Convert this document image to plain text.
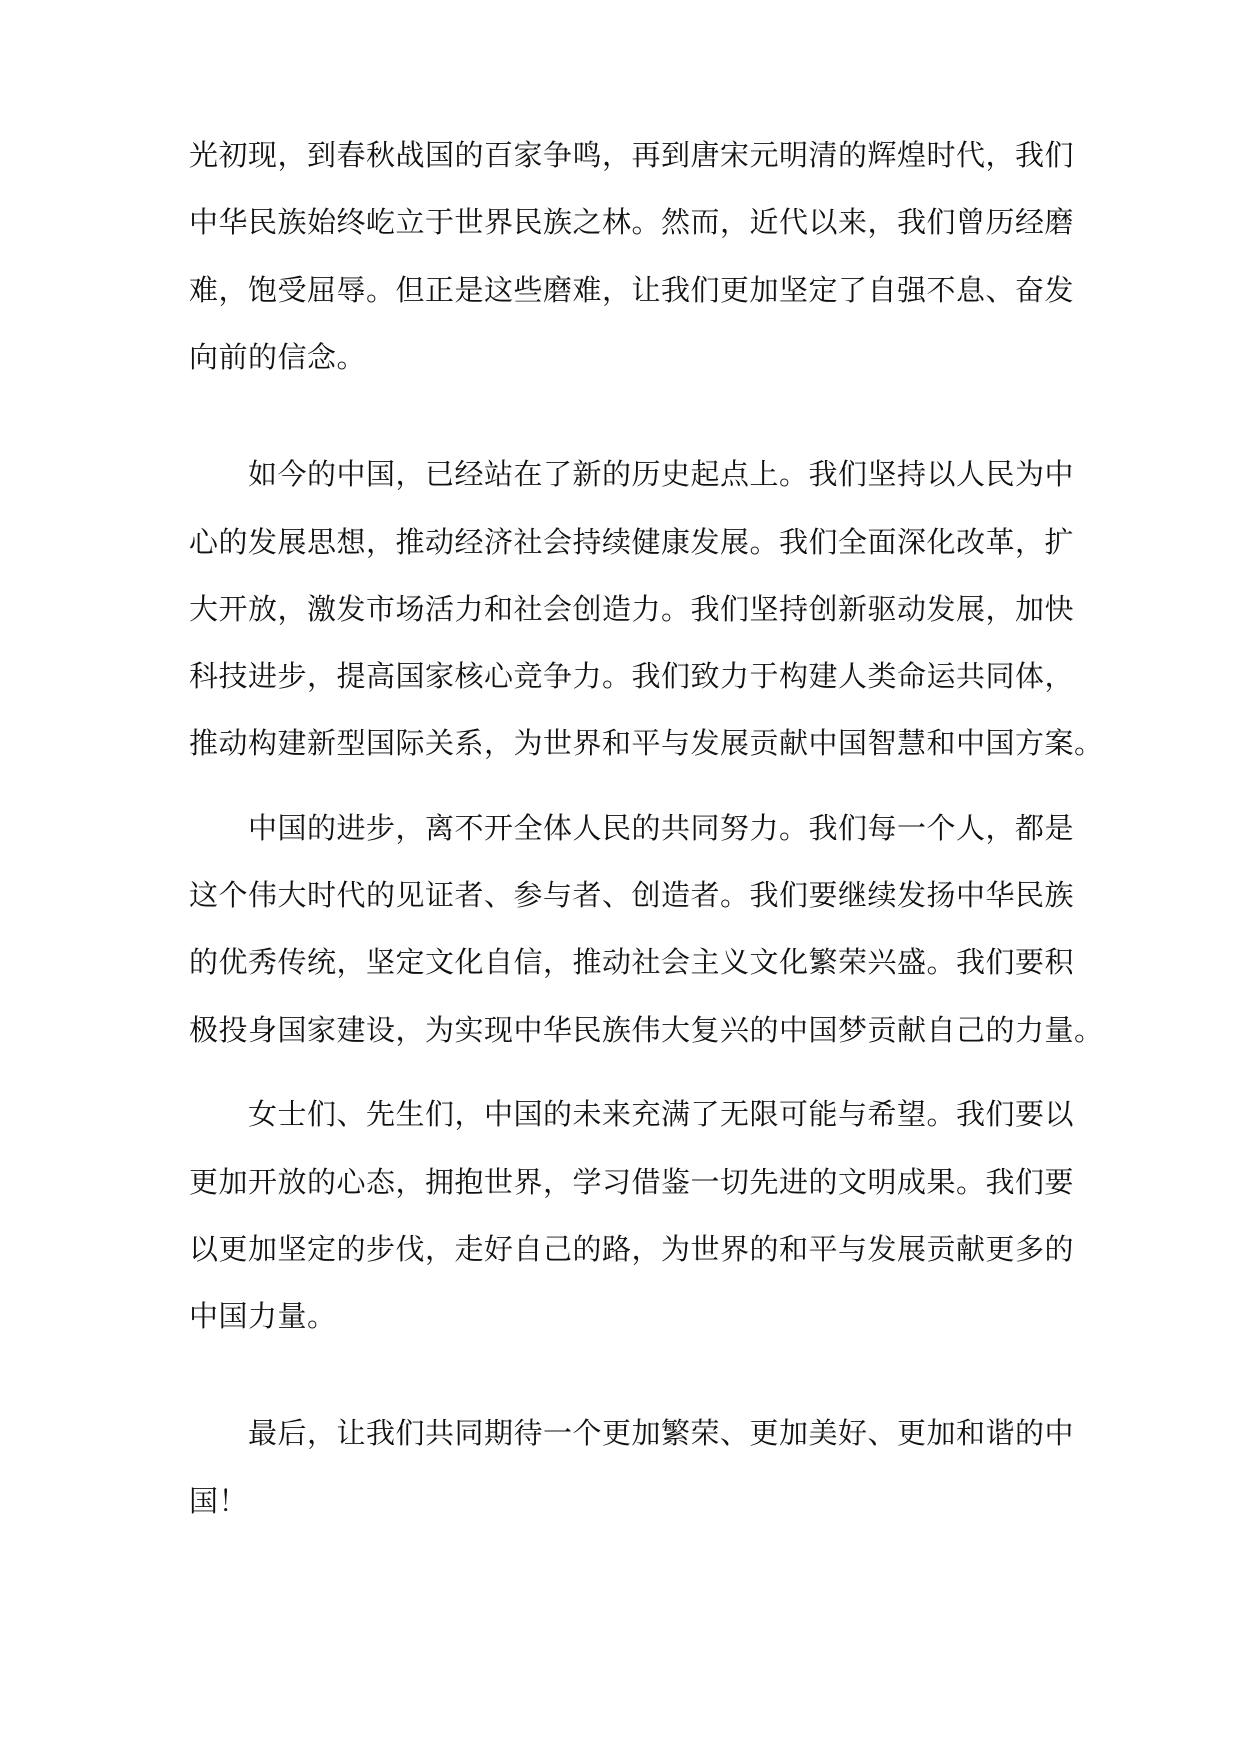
光初现，到春秋战国的百家争鸣，再到唐宋元明清的辉煌时代，我们
中华民族始终屹立于世界民族之林。然而，近代以来，我们曾历经磨
难，饱受屈辱。但正是这些磨难，让我们更加坚定了自强不息、奋发
向前的信念。
如今的中国，已经站在了新的历史起点上。我们坚持以人民为中
心的发展思想，推动经济社会持续健康发展。我们全面深化改革，扩
大开放，激发市场活力和社会创造力。我们坚持创新驱动发展，加快
科技进步，提高国家核心竞争力。我们致力于构建人类命运共同体，
推动构建新型国际关系，为世界和平与发展贡献中国智慧和中国方案。
中国的进步，离不开全体人民的共同努力。我们每一个人，都是
这个伟大时代的见证者、参与者、创造者。我们要继续发扬中华民族
的优秀传统，坚定文化自信，推动社会主义文化繁荣兴盛。我们要积
极投身国家建设，为实现中华民族伟大复兴的中国梦贡献自己的力量。
女士们、先生们，中国的未来充满了无限可能与希望。我们要以
更加开放的心态，拥抱世界，学习借鉴一切先进的文明成果。我们要
以更加坚定的步伐，走好自己的路，为世界的和平与发展贡献更多的
中国力量。
最后，让我们共同期待一个更加繁荣、更加美好、更加和谐的中
国！
